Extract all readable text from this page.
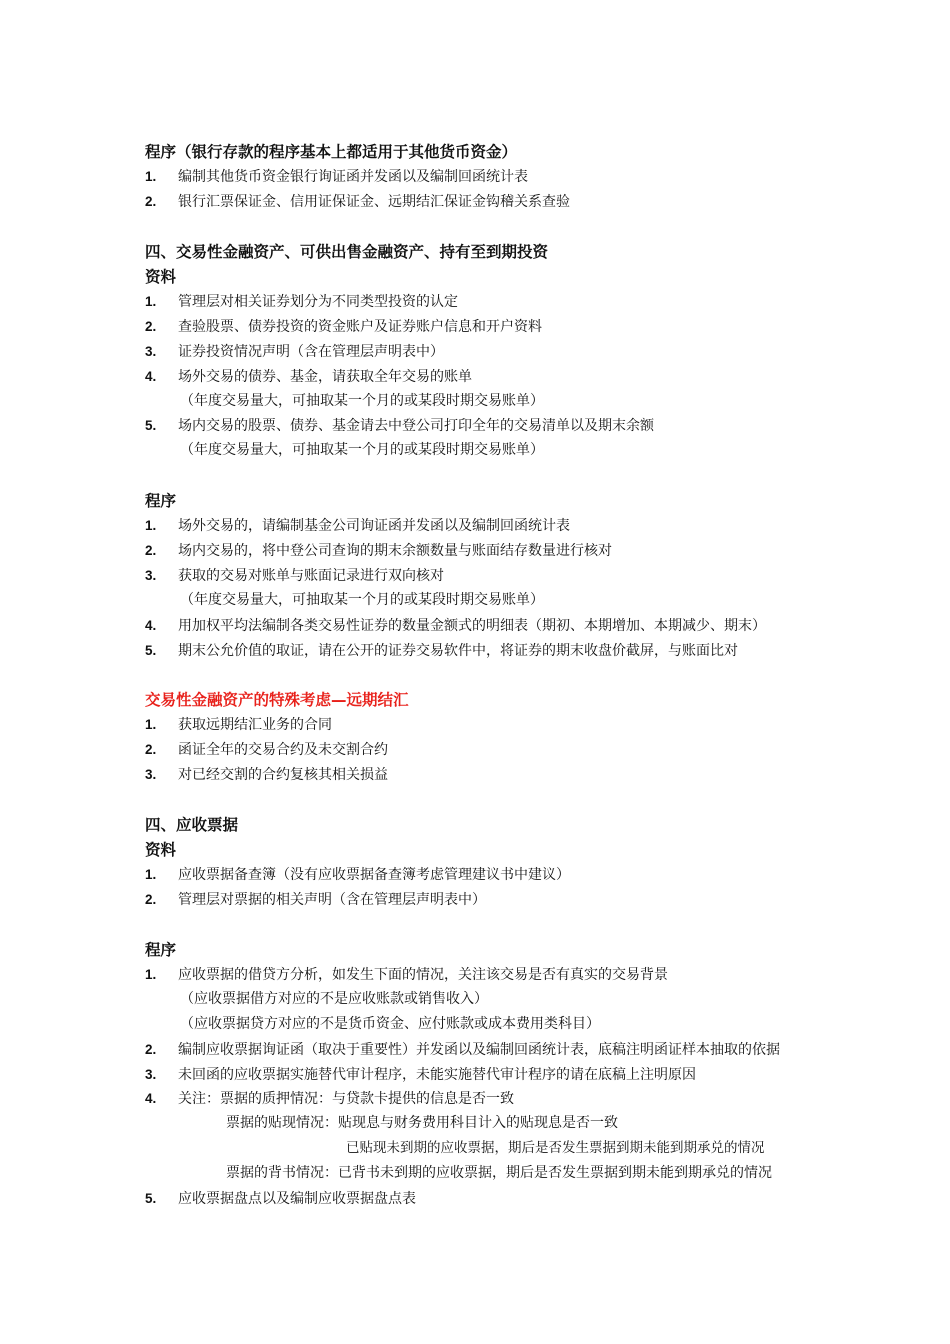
程序（银行存款的程序基本上都适用于其他货币资金）
1. 编制其他货币资金银行询证函并发函以及编制回函统计表
2. 银行汇票保证金、信用证保证金、远期结汇保证金钩稽关系查验
四、交易性金融资产、可供出售金融资产、持有至到期投资
资料
1. 管理层对相关证券划分为不同类型投资的认定
2. 查验股票、债券投资的资金账户及证券账户信息和开户资料
3. 证券投资情况声明（含在管理层声明表中）
4. 场外交易的债券、基金，请获取全年交易的账单
（年度交易量大，可抽取某一个月的或某段时期交易账单）
5. 场内交易的股票、债券、基金请去中登公司打印全年的交易清单以及期末余额
（年度交易量大，可抽取某一个月的或某段时期交易账单）
程序
1. 场外交易的，请编制基金公司询证函并发函以及编制回函统计表
2. 场内交易的，将中登公司查询的期末余额数量与账面结存数量进行核对
3. 获取的交易对账单与账面记录进行双向核对
（年度交易量大，可抽取某一个月的或某段时期交易账单）
4. 用加权平均法编制各类交易性证券的数量金额式的明细表（期初、本期增加、本期减少、期末）
5. 期末公允价值的取证，请在公开的证券交易软件中，将证券的期末收盘价截屏，与账面比对
交易性金融资产的特殊考虑—远期结汇
1. 获取远期结汇业务的合同
2. 函证全年的交易合约及未交割合约
3. 对已经交割的合约复核其相关损益
四、应收票据
资料
1. 应收票据备查簿（没有应收票据备查簿考虑管理建议书中建议）
2. 管理层对票据的相关声明（含在管理层声明表中）
程序
1. 应收票据的借贷方分析，如发生下面的情况，关注该交易是否有真实的交易背景
（应收票据借方对应的不是应收账款或销售收入）
（应收票据贷方对应的不是货币资金、应付账款或成本费用类科目）
2. 编制应收票据询证函（取决于重要性）并发函以及编制回函统计表，底稿注明函证样本抽取的依据
3. 未回函的应收票据实施替代审计程序，未能实施替代审计程序的请在底稿上注明原因
4. 关注：票据的质押情况：与贷款卡提供的信息是否一致
票据的贴现情况：贴现息与财务费用科目计入的贴现息是否一致
已贴现未到期的应收票据，期后是否发生票据到期未能到期承兑的情况
票据的背书情况：已背书未到期的应收票据，期后是否发生票据到期未能到期承兑的情况
5. 应收票据盘点以及编制应收票据盘点表
